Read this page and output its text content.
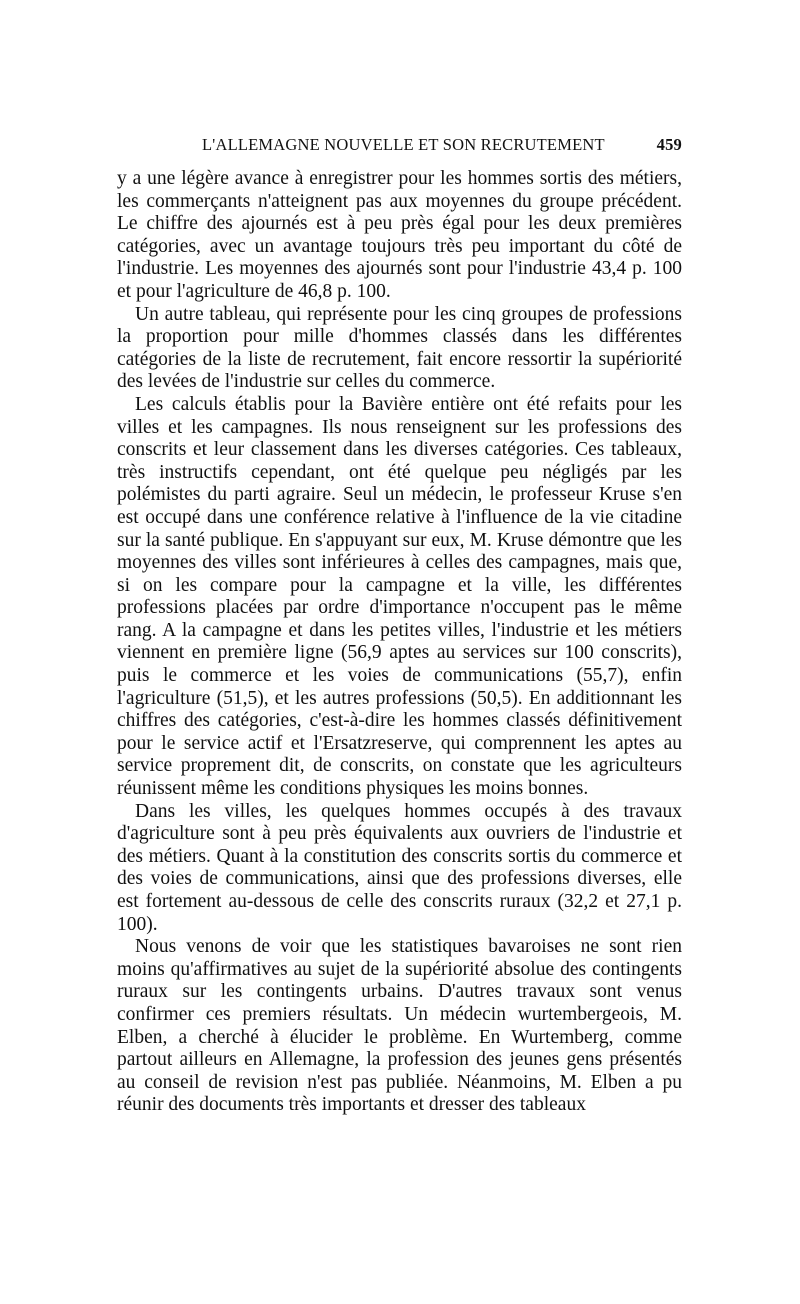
L'ALLEMAGNE NOUVELLE ET SON RECRUTEMENT	459

y a une légère avance à enregistrer pour les hommes sortis des métiers, les commerçants n'atteignent pas aux moyennes du groupe précédent. Le chiffre des ajournés est à peu près égal pour les deux premières catégories, avec un avantage toujours très peu important du côté de l'industrie. Les moyennes des ajournés sont pour l'industrie 43,4 p. 100 et pour l'agriculture de 46,8 p. 100.

Un autre tableau, qui représente pour les cinq groupes de professions la proportion pour mille d'hommes classés dans les différentes catégories de la liste de recrutement, fait encore ressortir la supériorité des levées de l'industrie sur celles du commerce.

Les calculs établis pour la Bavière entière ont été refaits pour les villes et les campagnes. Ils nous renseignent sur les professions des conscrits et leur classement dans les diverses catégories. Ces tableaux, très instructifs cependant, ont été quelque peu négligés par les polémistes du parti agraire. Seul un médecin, le professeur Kruse s'en est occupé dans une conférence relative à l'influence de la vie citadine sur la santé publique. En s'appuyant sur eux, M. Kruse démontre que les moyennes des villes sont inférieures à celles des campagnes, mais que, si on les compare pour la campagne et la ville, les différentes professions placées par ordre d'importance n'occupent pas le même rang. A la campagne et dans les petites villes, l'industrie et les métiers viennent en première ligne (56,9 aptes au services sur 100 conscrits), puis le commerce et les voies de communications (55,7), enfin l'agriculture (51,5), et les autres professions (50,5). En additionnant les chiffres des catégories, c'est-à-dire les hommes classés définitivement pour le service actif et l'Ersatzreserve, qui comprennent les aptes au service proprement dit, de conscrits, on constate que les agriculteurs réunissent même les conditions physiques les moins bonnes.

Dans les villes, les quelques hommes occupés à des travaux d'agriculture sont à peu près équivalents aux ouvriers de l'industrie et des métiers. Quant à la constitution des conscrits sortis du commerce et des voies de communications, ainsi que des professions diverses, elle est fortement au-dessous de celle des conscrits ruraux (32,2 et 27,1 p. 100).

Nous venons de voir que les statistiques bavaroises ne sont rien moins qu'affirmatives au sujet de la supériorité absolue des contingents ruraux sur les contingents urbains. D'autres travaux sont venus confirmer ces premiers résultats. Un médecin wurtembergeois, M. Elben, a cherché à élucider le problème. En Wurtemberg, comme partout ailleurs en Allemagne, la profession des jeunes gens présentés au conseil de revision n'est pas publiée. Néanmoins, M. Elben a pu réunir des documents très importants et dresser des tableaux
